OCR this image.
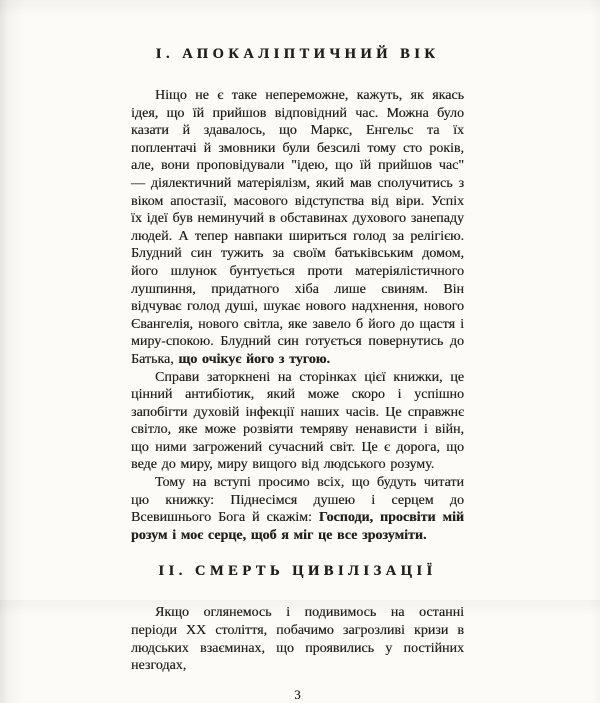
І. АПОКАЛІПТИЧНИЙ ВІК

Ніщо не є таке непереможне, кажуть, як якась ідея, що їй прийшов відповідний час. Можна було казати й здавалось, що Маркс, Енгельс та їх поплентачі й змовники були безсилі тому сто років, але, вони проповідували "ідею, що їй прийшов час" — діялектичний матеріялізм, який мав сполучитись з віком апостазії, масового відступства від віри. Успіх їх ідеї був неминучий в обставинах духового занепаду людей. А тепер навпаки шириться голод за релігією. Блудний син тужить за своїм батьківським домом, його шлунок бунтується проти матеріялістичного лушпиння, придатного хіба лише свиням. Він відчуває голод душі, шукає нового надхнення, нового Євангелія, нового світла, яке завело б його до щастя і миру-спокою. Блудний син готується повернутись до Батька, що очікує його з тугою.

Справи заторкнені на сторінках цієї книжки, це цінний антибіотик, який може скоро і успішно запобігти духовій інфекції наших часів. Це справжнє світло, яке може розвіяти темряву ненависти і війн, що ними загрожений сучасний світ. Це є дорога, що веде до миру, миру вищого від людського розуму.

Тому на вступі просимо всіх, що будуть читати цю книжку: Піднесімся душею і серцем до Всевишнього Бога й скажім: Господи, просвіти мій розум і моє серце, щоб я міг це все зрозуміти.

ІІ. СМЕРТЬ ЦИВІЛІЗАЦІЇ

Якщо оглянемось і подивимось на останні періоди ХХ століття, побачимо загрозливі кризи в людських взаєминах, що проявились у постійних незгодах,

3
